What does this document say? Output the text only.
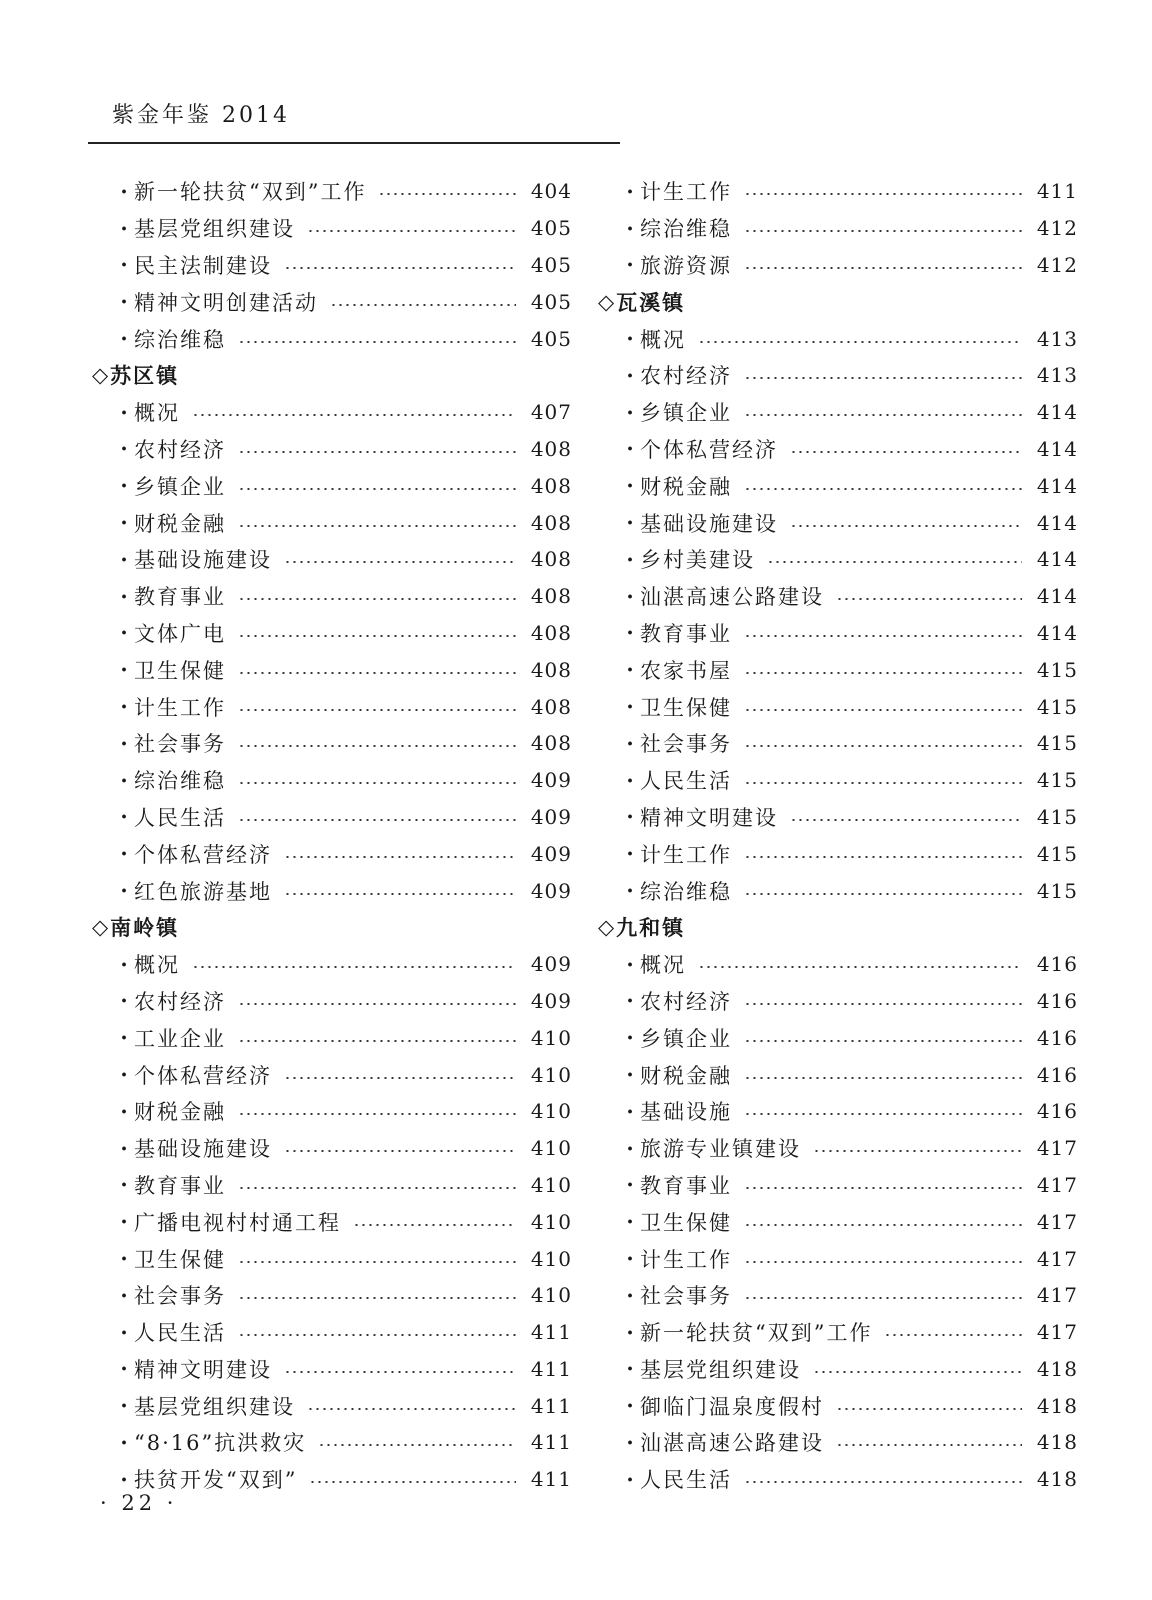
紫金年鉴 2014
· 新一轮扶贫“双到”工作	404
· 基层党组织建设	405
· 民主法制建设	405
· 精神文明创建活动	405
· 综治维稳	405
◇ 苏区镇
· 概况	407
· 农村经济	408
· 乡镇企业	408
· 财税金融	408
· 基础设施建设	408
· 教育事业	408
· 文体广电	408
· 卫生保健	408
· 计生工作	408
· 社会事务	408
· 综治维稳	409
· 人民生活	409
· 个体私营经济	409
· 红色旅游基地	409
◇ 南岭镇
· 概况	409
· 农村经济	409
· 工业企业	410
· 个体私营经济	410
· 财税金融	410
· 基础设施建设	410
· 教育事业	410
· 广播电视村村通工程	410
· 卫生保健	410
· 社会事务	410
· 人民生活	411
· 精神文明建设	411
· 基层党组织建设	411
· “8·16”抗洪救灾	411
· 扶贫开发“双到”	411
· 计生工作	411
· 综治维稳	412
· 旅游资源	412
◇ 瓦溪镇
· 概况	413
· 农村经济	413
· 乡镇企业	414
· 个体私营经济	414
· 财税金融	414
· 基础设施建设	414
· 乡村美建设	414
· 汕湛高速公路建设	414
· 教育事业	414
· 农家书屋	415
· 卫生保健	415
· 社会事务	415
· 人民生活	415
· 精神文明建设	415
· 计生工作	415
· 综治维稳	415
◇ 九和镇
· 概况	416
· 农村经济	416
· 乡镇企业	416
· 财税金融	416
· 基础设施	416
· 旅游专业镇建设	417
· 教育事业	417
· 卫生保健	417
· 计生工作	417
· 社会事务	417
· 新一轮扶贫“双到”工作	417
· 基层党组织建设	418
· 御临门温泉度假村	418
· 汕湛高速公路建设	418
· 人民生活	418
· 22 ·
